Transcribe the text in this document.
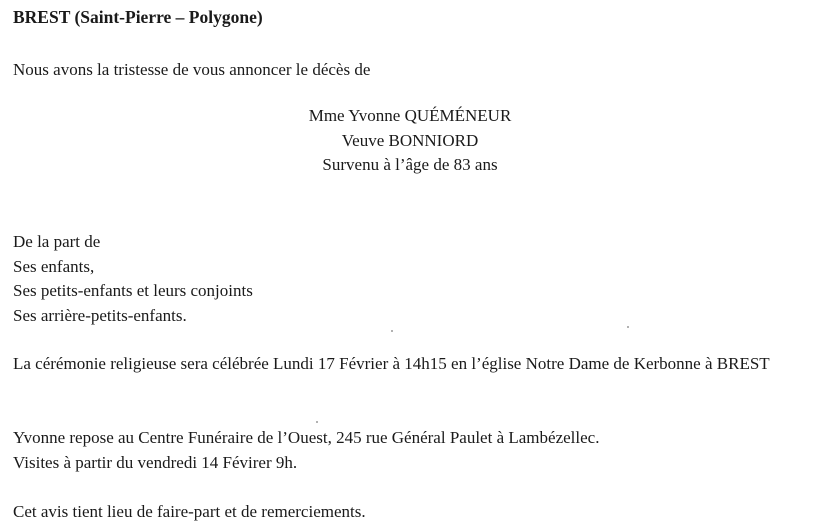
BREST (Saint-Pierre – Polygone)
Nous avons la tristesse de vous annoncer le décès de
Mme Yvonne QUÉMÉNEUR
Veuve BONNIORD
Survenu à l’âge de 83 ans
De la part de
Ses enfants,
Ses petits-enfants et leurs conjoints
Ses arrière-petits-enfants.
La cérémonie religieuse sera célébrée Lundi 17 Février à 14h15 en l’église Notre Dame de Kerbonne à BREST
Yvonne repose au Centre Funéraire de l’Ouest, 245 rue Général Paulet à Lambézellec.
Visites à partir du vendredi 14 Févirer 9h.
Cet avis tient lieu de faire-part et de remerciements.
